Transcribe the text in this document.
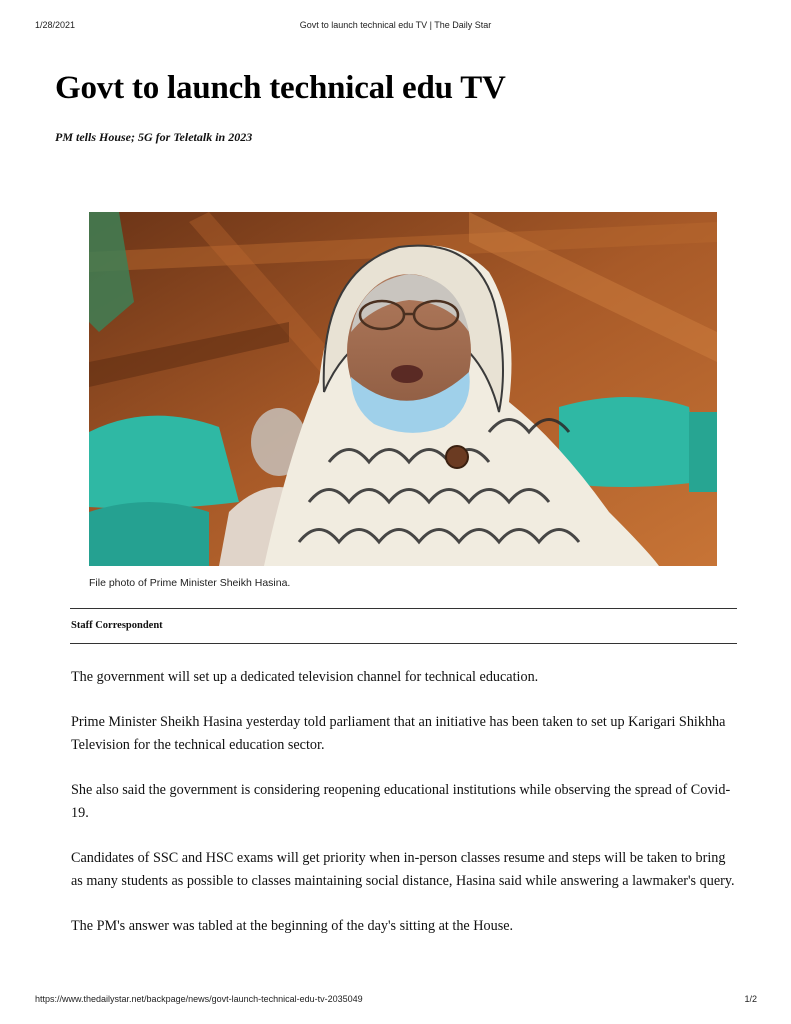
1/28/2021	Govt to launch technical edu TV | The Daily Star
Govt to launch technical edu TV
PM tells House; 5G for Teletalk in 2023
File photo of Prime Minister Sheikh Hasina.
Staff Correspondent

The government will set up a dedicated television channel for technical education.

Prime Minister Sheikh Hasina yesterday told parliament that an initiative has been taken to set up Karigari Shikhha Television for the technical education sector.

She also said the government is considering reopening educational institutions while observing the spread of Covid-19.

Candidates of SSC and HSC exams will get priority when in-person classes resume and steps will be taken to bring as many students as possible to classes maintaining social distance, Hasina said while answering a lawmaker's query.

The PM's answer was tabled at the beginning of the day's sitting at the House.

https://www.thedailystar.net/backpage/news/govt-launch-technical-edu-tv-2035049	1/2
